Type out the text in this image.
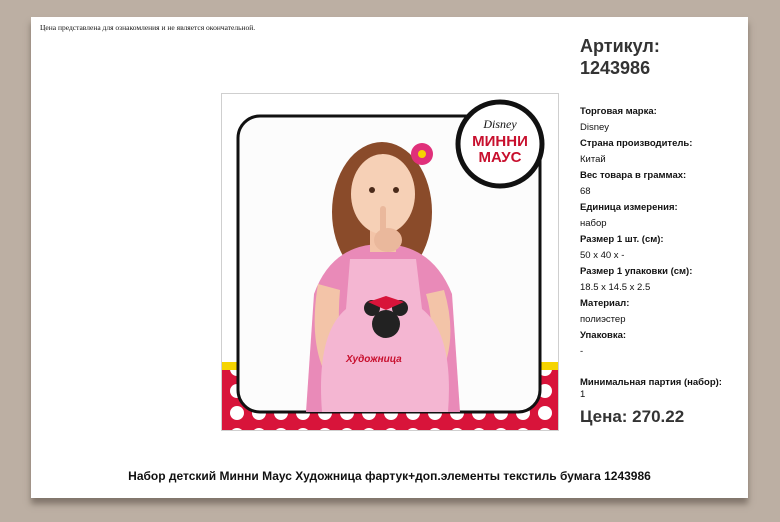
Цена представлена для ознакомления и не является окончательной.
Художница
Disney
МИННИ
МАУС
Артикул:
1243986
Торговая марка:
Disney
Страна производитель:
Китай
Вес товара в граммах:
68
Единица измерения:
набор
Размер 1 шт. (см):
50 x 40 x -
Размер 1 упаковки (см):
18.5 x 14.5 x 2.5
Материал:
полиэстер
Упаковка:
-
Минимальная партия (набор):
1
Цена: 270.22
Набор детский Минни Маус Художница фартук+доп.элементы текстиль бумага 1243986
